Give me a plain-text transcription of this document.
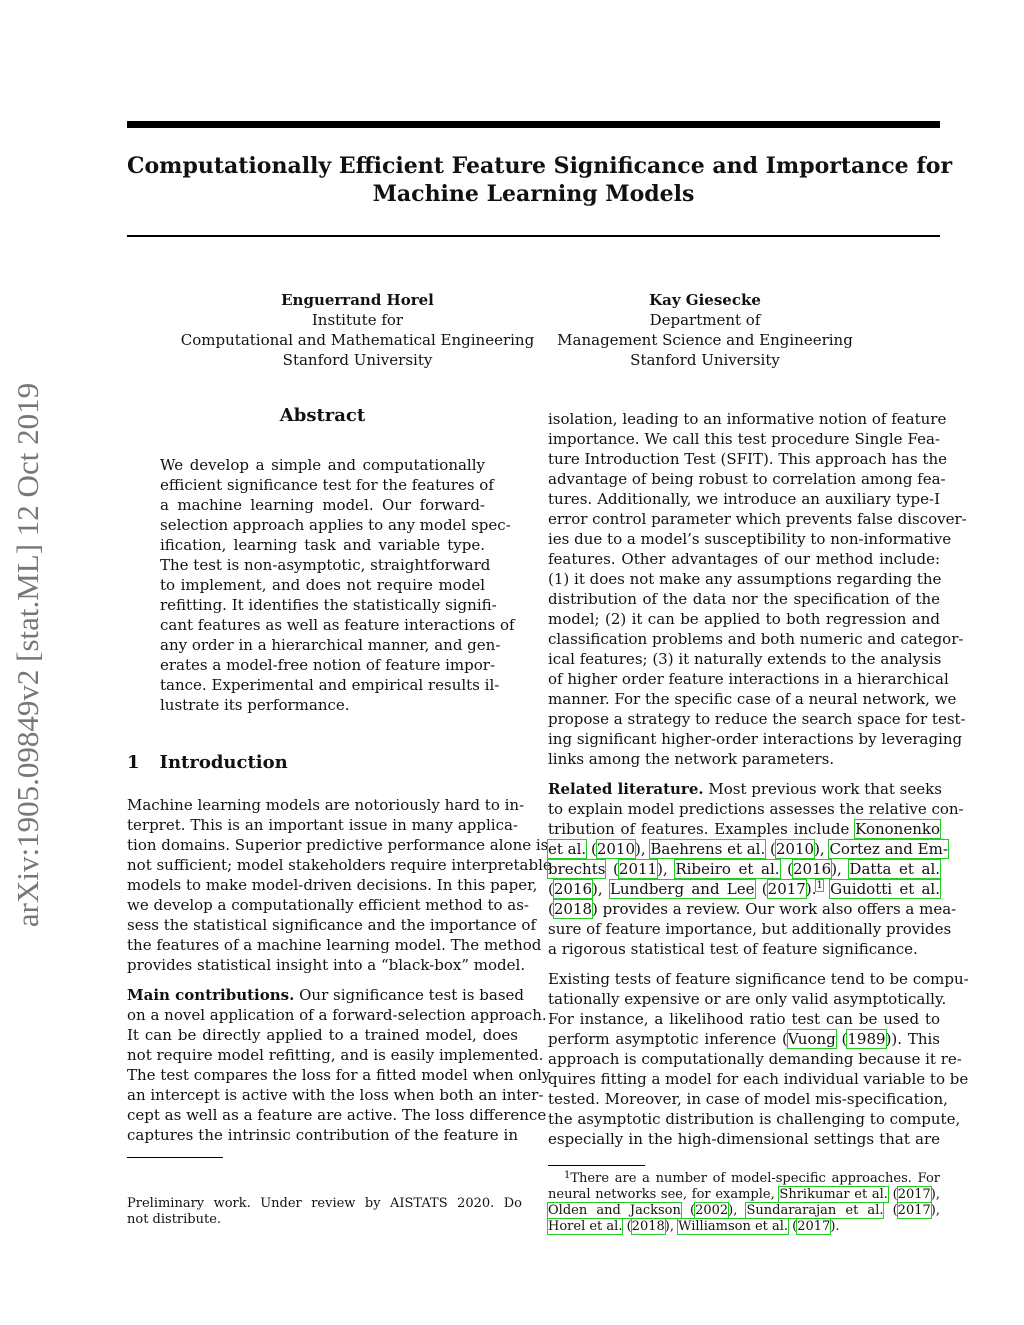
arXiv:1905.09849v2 [stat.ML] 12 Oct 2019
Computationally Efficient Feature Significance and Importance for
Machine Learning Models
Enguerrand Horel
Institute for
Computational and Mathematical Engineering
Stanford University
Kay Giesecke
Department of
Management Science and Engineering
Stanford University
Abstract
We develop a simple and computationally
efficient significance test for the features of
a machine learning model. Our forward-
selection approach applies to any model spec-
ification, learning task and variable type.
The test is non-asymptotic, straightforward
to implement, and does not require model
refitting. It identifies the statistically signifi-
cant features as well as feature interactions of
any order in a hierarchical manner, and gen-
erates a model-free notion of feature impor-
tance. Experimental and empirical results il-
lustrate its performance.
1 Introduction
Machine learning models are notoriously hard to in-
terpret. This is an important issue in many applica-
tion domains. Superior predictive performance alone is
not sufficient; model stakeholders require interpretable
models to make model-driven decisions. In this paper,
we develop a computationally efficient method to as-
sess the statistical significance and the importance of
the features of a machine learning model. The method
provides statistical insight into a “black-box” model.
Main contributions. Our significance test is based
on a novel application of a forward-selection approach.
It can be directly applied to a trained model, does
not require model refitting, and is easily implemented.
The test compares the loss for a fitted model when only
an intercept is active with the loss when both an inter-
cept as well as a feature are active. The loss difference
captures the intrinsic contribution of the feature in
Preliminary work. Under review by AISTATS 2020. Do
not distribute.
isolation, leading to an informative notion of feature
importance. We call this test procedure Single Fea-
ture Introduction Test (SFIT). This approach has the
advantage of being robust to correlation among fea-
tures. Additionally, we introduce an auxiliary type-I
error control parameter which prevents false discover-
ies due to a model’s susceptibility to non-informative
features. Other advantages of our method include:
(1) it does not make any assumptions regarding the
distribution of the data nor the specification of the
model; (2) it can be applied to both regression and
classification problems and both numeric and categor-
ical features; (3) it naturally extends to the analysis
of higher order feature interactions in a hierarchical
manner. For the specific case of a neural network, we
propose a strategy to reduce the search space for test-
ing significant higher-order interactions by leveraging
links among the network parameters.
Related literature. Most previous work that seeks
to explain model predictions assesses the relative con-
tribution of features. Examples include Kononenko
et al. (2010), Baehrens et al. (2010), Cortez and Em-
brechts (2011), Ribeiro et al. (2016), Datta et al.
(2016), Lundberg and Lee (2017).$^1$ Guidotti et al.
(2018) provides a review. Our work also offers a mea-
sure of feature importance, but additionally provides
a rigorous statistical test of feature significance.
Existing tests of feature significance tend to be compu-
tationally expensive or are only valid asymptotically.
For instance, a likelihood ratio test can be used to
perform asymptotic inference (Vuong (1989)). This
approach is computationally demanding because it re-
quires fitting a model for each individual variable to be
tested. Moreover, in case of model mis-specification,
the asymptotic distribution is challenging to compute,
especially in the high-dimensional settings that are
$^1$There are a number of model-specific approaches. For
neural networks see, for example, Shrikumar et al. (2017),
Olden and Jackson (2002), Sundararajan et al. (2017),
Horel et al. (2018), Williamson et al. (2017).
